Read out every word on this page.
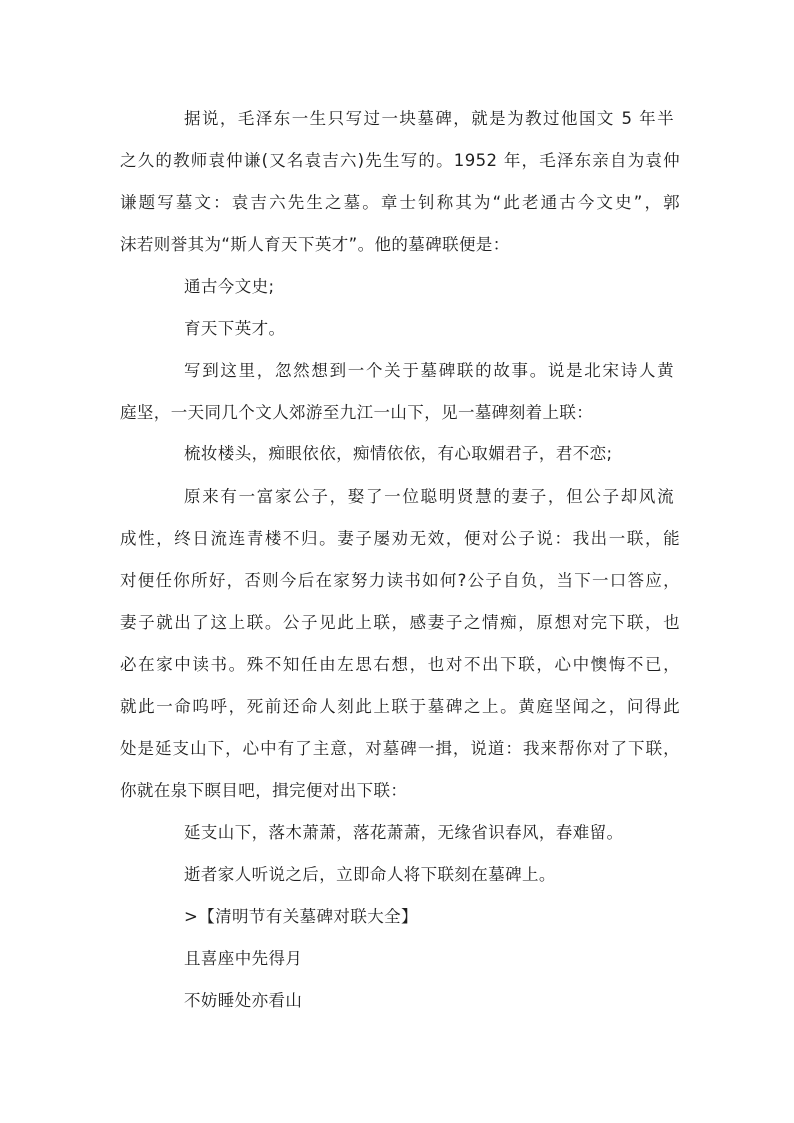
据说，毛泽东一生只写过一块墓碑，就是为教过他国文 5 年半
之久的教师袁仲谦(又名袁吉六)先生写的。1952 年，毛泽东亲自为袁仲
谦题写墓文：袁吉六先生之墓。章士钊称其为“此老通古今文史”，郭
沫若则誉其为“斯人育天下英才”。他的墓碑联便是：
通古今文史;
育天下英才。
写到这里，忽然想到一个关于墓碑联的故事。说是北宋诗人黄
庭坚，一天同几个文人郊游至九江一山下，见一墓碑刻着上联：
梳妆楼头，痴眼依依，痴情依依，有心取媚君子，君不恋;
原来有一富家公子，娶了一位聪明贤慧的妻子，但公子却风流
成性，终日流连青楼不归。妻子屡劝无效，便对公子说：我出一联，能
对便任你所好，否则今后在家努力读书如何?公子自负，当下一口答应，
妻子就出了这上联。公子见此上联，感妻子之情痴，原想对完下联，也
必在家中读书。殊不知任由左思右想，也对不出下联，心中懊悔不已，
就此一命呜呼，死前还命人刻此上联于墓碑之上。黄庭坚闻之，问得此
处是延支山下，心中有了主意，对墓碑一揖，说道：我来帮你对了下联，
你就在泉下瞑目吧，揖完便对出下联：
延支山下，落木萧萧，落花萧萧，无缘省识春风，春难留。
逝者家人听说之后，立即命人将下联刻在墓碑上。
>【清明节有关墓碑对联大全】
且喜座中先得月
不妨睡处亦看山
